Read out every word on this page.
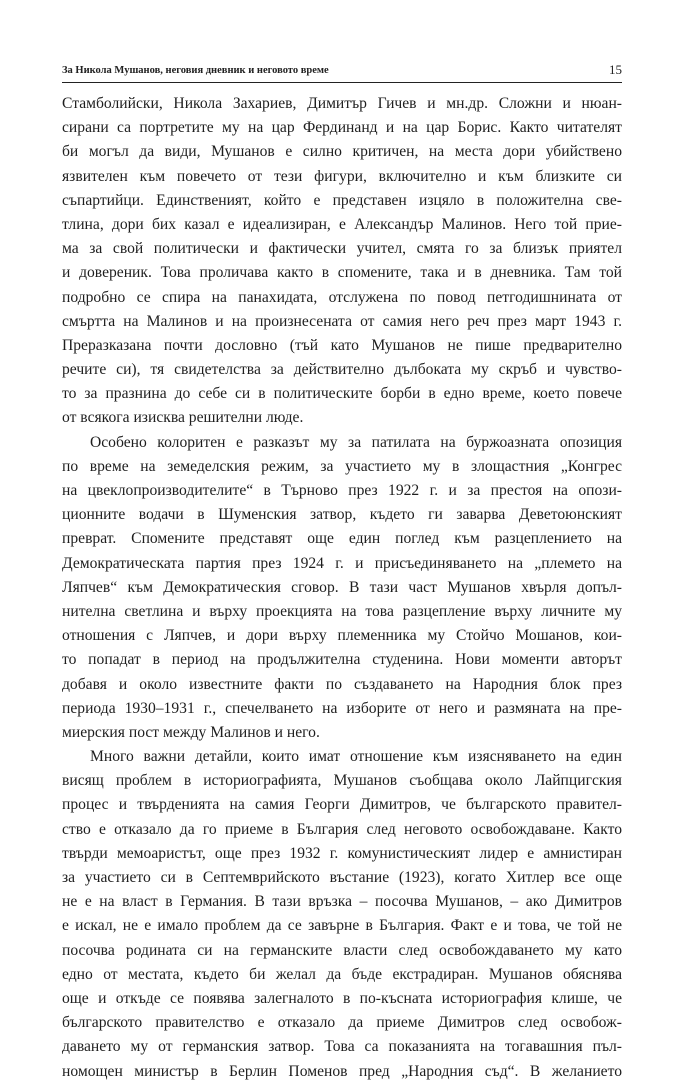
За Никола Мушанов, неговия дневник и неговото време	15
Стамболийски, Никола Захариев, Димитър Гичев и мн.др. Сложни и нюан-
сирани са портретите му на цар Фердинанд и на цар Борис. Както читателят
би могъл да види, Мушанов е силно критичен, на места дори убийствено
язвителен към повечето от тези фигури, включително и към близките си
съпартийци. Единственият, който е представен изцяло в положителна све-
тлина, дори бих казал е идеализиран, е Александър Малинов. Него той прие-
ма за свой политически и фактически учител, смята го за близък приятел
и довереник. Това проличава както в спомените, така и в дневника. Там той
подробно се спира на панахидата, отслужена по повод петгодишнината от
смъртта на Малинов и на произнесената от самия него реч през март 1943 г.
Преразказана почти дословно (тъй като Мушанов не пише предварително
речите си), тя свидетелства за действително дълбоката му скръб и чувство-
то за празнина до себе си в политическите борби в едно време, което повече
от всякога изисква решителни люде.
Особено колоритен е разказът му за патилата на буржоазната опозиция
по време на земеделския режим, за участието му в злощастния „Конгрес
на цвеклопроизводителите“ в Търново през 1922 г. и за престоя на опози-
ционните водачи в Шуменския затвор, където ги заварва Деветоюнският
преврат. Спомените представят още един поглед към разцеплението на
Демократическата партия през 1924 г. и присъединяването на „племето на
Ляпчев“ към Демократическия сговор. В тази част Мушанов хвърля допъл-
нителна светлина и върху проекцията на това разцепление върху личните му
отношения с Ляпчев, и дори върху племенника му Стойчо Мошанов, кои-
то попадат в период на продължителна студенина. Нови моменти авторът
добавя и около известните факти по създаването на Народния блок през
периода 1930–1931 г., спечелването на изборите от него и размяната на пре-
миерския пост между Малинов и него.
Много важни детайли, които имат отношение към изясняването на един
висящ проблем в историографията, Мушанов съобщава около Лайпцигския
процес и твърденията на самия Георги Димитров, че българското правител-
ство е отказало да го приеме в България след неговото освобождаване. Както
твърди мемоаристът, още през 1932 г. комунистическият лидер е амнистиран
за участието си в Септемврийското въстание (1923), когато Хитлер все още
не е на власт в Германия. В тази връзка – посочва Мушанов, – ако Димитров
е искал, не е имало проблем да се завърне в България. Факт е и това, че той не
посочва родината си на германските власти след освобождаването му като
едно от местата, където би желал да бъде екстрадиран. Мушанов обяснява
още и откъде се появява залегналото в по-късната историография клише, че
българското правителство е отказало да приеме Димитров след освобож-
даването му от германския затвор. Това са показанията на тогавашния пъл-
номощен министър в Берлин Поменов пред „Народния съд“. В желанието
